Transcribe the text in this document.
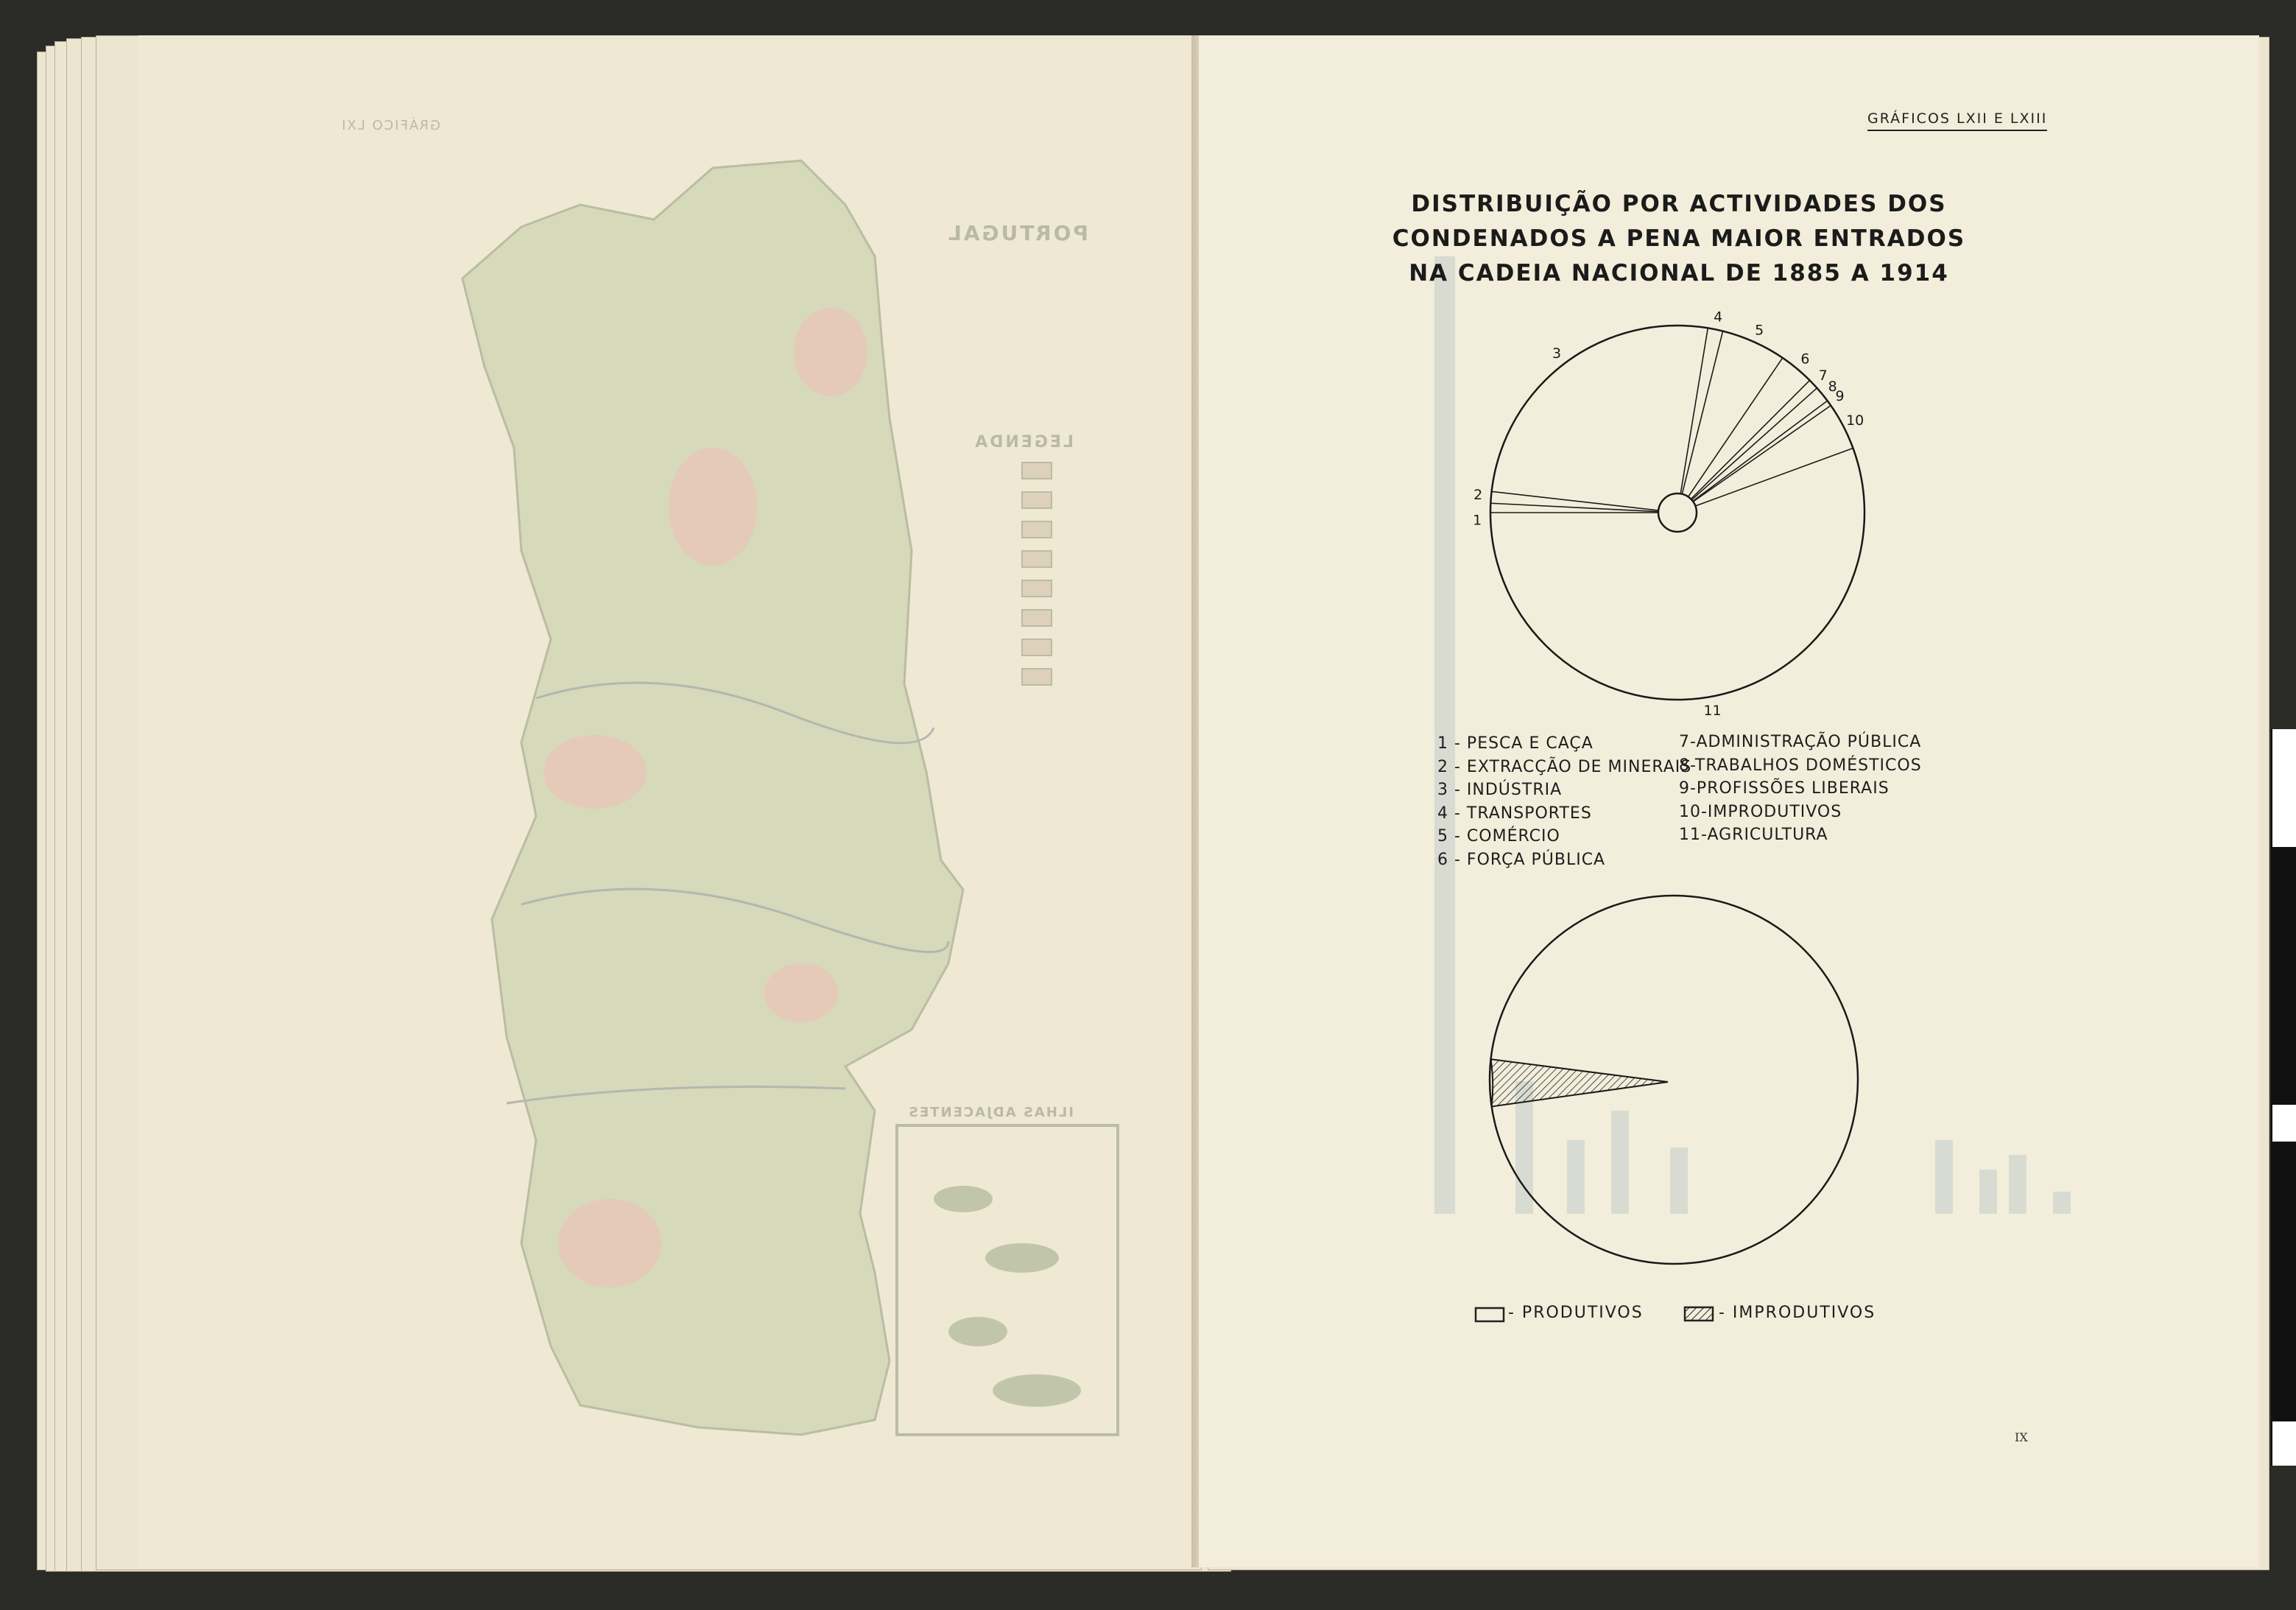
PORTUGAL
LEGENDA
ILHAS ADJACENTES
GRÁFICO LXI	GRÁFICOS LXII E LXIII
DISTRIBUIÇÃO POR ACTIVIDADES DOS
CONDENADOS A PENA MAIOR ENTRADOS
NA CADEIA NACIONAL DE 1885 A 1914
1
2
3
4
5
6
7
8
9
10
11
1 - PESCA E CAÇA
2 - EXTRACÇÃO DE MINERAIS
3 - INDÚSTRIA
4 - TRANSPORTES
5 - COMÉRCIO
6 - FORÇA PÚBLICA
7-ADMINISTRAÇÃO PÚBLICA
8-TRABALHOS DOMÉSTICOS
9-PROFISSÕES LIBERAIS
10-IMPRODUTIVOS
11-AGRICULTURA
- PRODUTIVOS	- IMPRODUTIVOS
IX
